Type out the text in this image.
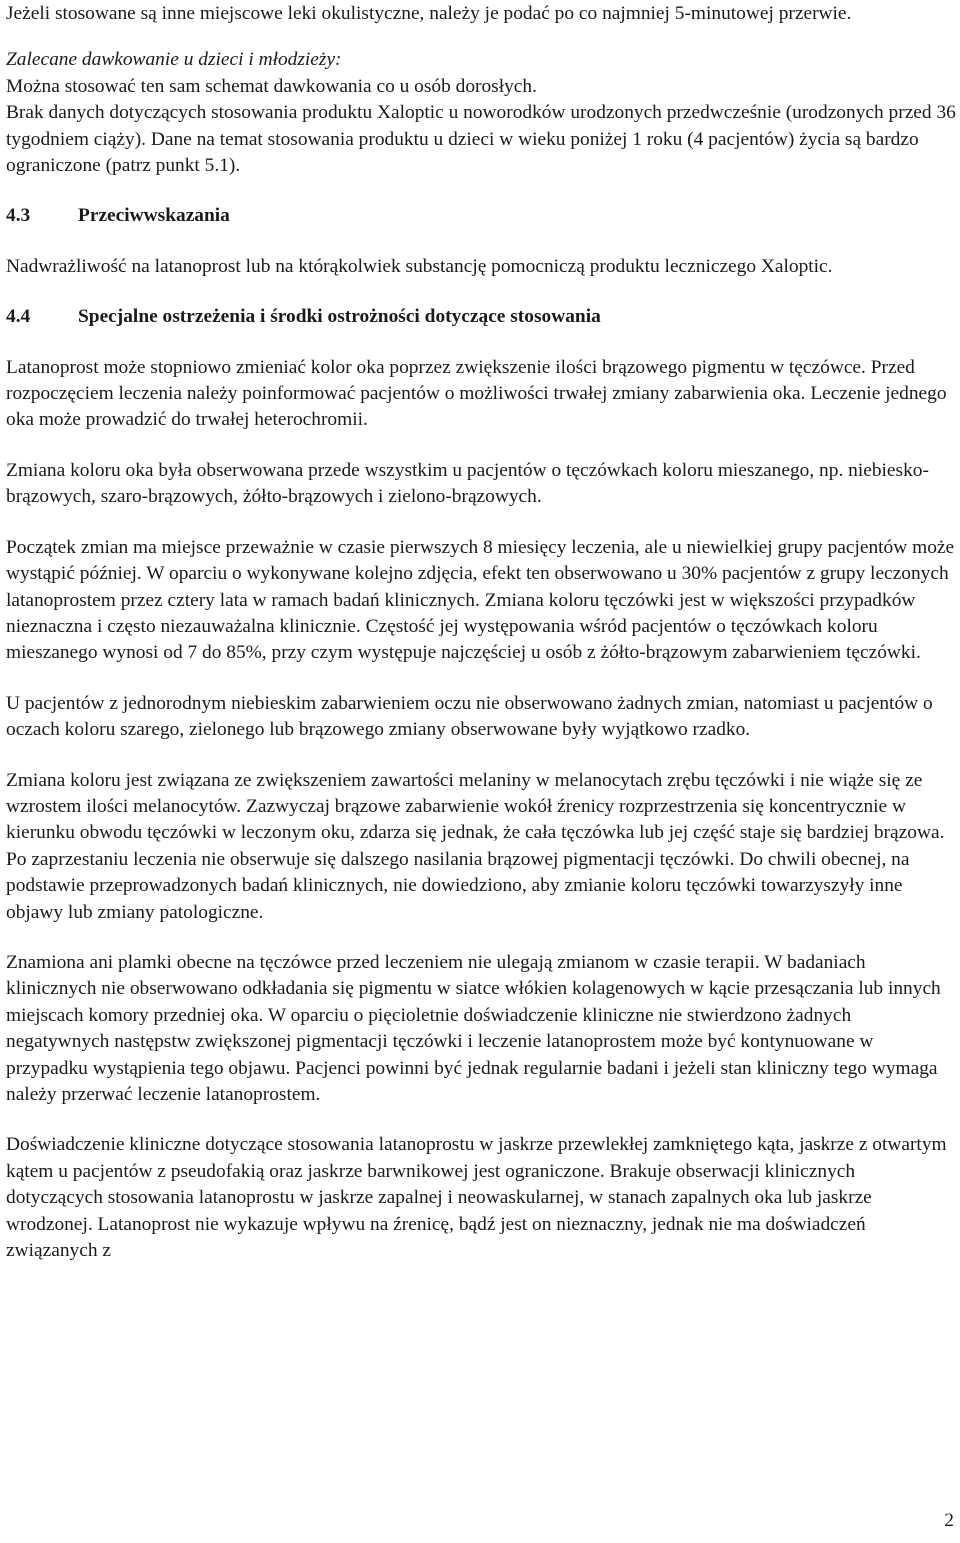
Jeżeli stosowane są inne miejscowe leki okulistyczne, należy je podać po co najmniej 5-minutowej przerwie.

Zalecane dawkowanie u dzieci i młodzieży:

Można stosować ten sam schemat dawkowania co u osób dorosłych.

Brak danych dotyczących stosowania produktu Xaloptic u noworodków urodzonych przedwcześnie (urodzonych przed 36 tygodniem ciąży). Dane na temat stosowania produktu u dzieci w wieku poniżej 1 roku (4 pacjentów) życia są bardzo ograniczone (patrz punkt 5.1).

4.3	Przeciwwskazania

Nadwrażliwość na latanoprost lub na którąkolwiek substancję pomocniczą produktu leczniczego Xaloptic.

4.4	Specjalne ostrzeżenia i środki ostrożności dotyczące stosowania

Latanoprost może stopniowo zmieniać kolor oka poprzez zwiększenie ilości brązowego pigmentu w tęczówce. Przed rozpoczęciem leczenia należy poinformować pacjentów o możliwości trwałej zmiany zabarwienia oka. Leczenie jednego oka może prowadzić do trwałej heterochromii.

Zmiana koloru oka była obserwowana przede wszystkim u pacjentów o tęczówkach koloru mieszanego, np. niebiesko-brązowych, szaro-brązowych, żółto-brązowych i zielono-brązowych.

Początek zmian ma miejsce przeważnie w czasie pierwszych 8 miesięcy leczenia, ale u niewielkiej grupy pacjentów może wystąpić później. W oparciu o wykonywane kolejno zdjęcia, efekt ten obserwowano u 30% pacjentów z grupy leczonych latanoprostem przez cztery lata w ramach badań klinicznych. Zmiana koloru tęczówki jest w większości przypadków nieznaczna i często niezauważalna klinicznie. Częstość jej występowania wśród pacjentów o tęczówkach koloru mieszanego wynosi od 7 do 85%, przy czym występuje najczęściej u osób z żółto-brązowym zabarwieniem tęczówki.

U pacjentów z jednorodnym niebieskim zabarwieniem oczu nie obserwowano żadnych zmian, natomiast u pacjentów o oczach koloru szarego, zielonego lub brązowego zmiany obserwowane były wyjątkowo rzadko.

Zmiana koloru jest związana ze zwiększeniem zawartości melaniny w melanocytach zrębu tęczówki i nie wiąże się ze wzrostem ilości melanocytów. Zazwyczaj brązowe zabarwienie wokół źrenicy rozprzestrzenia się koncentrycznie w kierunku obwodu tęczówki w leczonym oku, zdarza się jednak, że cała tęczówka lub jej część staje się bardziej brązowa. Po zaprzestaniu leczenia nie obserwuje się dalszego nasilania brązowej pigmentacji tęczówki. Do chwili obecnej, na podstawie przeprowadzonych badań klinicznych, nie dowiedziono, aby zmianie koloru tęczówki towarzyszyły inne objawy lub zmiany patologiczne.

Znamiona ani plamki obecne na tęczówce przed leczeniem nie ulegają zmianom w czasie terapii. W badaniach klinicznych nie obserwowano odkładania się pigmentu w siatce włókien kolagenowych w kącie przesączania lub innych miejscach komory przedniej oka. W oparciu o pięcioletnie doświadczenie kliniczne nie stwierdzono żadnych negatywnych następstw zwiększonej pigmentacji tęczówki i leczenie latanoprostem może być kontynuowane w przypadku wystąpienia tego objawu. Pacjenci powinni być jednak regularnie badani i jeżeli stan kliniczny tego wymaga należy przerwać leczenie latanoprostem.

Doświadczenie kliniczne dotyczące stosowania latanoprostu w jaskrze przewlekłej zamkniętego kąta, jaskrze z otwartym kątem u pacjentów z pseudofakią oraz jaskrze barwnikowej jest ograniczone. Brakuje obserwacji klinicznych dotyczących stosowania latanoprostu w jaskrze zapalnej i neowaskularnej, w stanach zapalnych oka lub jaskrze wrodzonej. Latanoprost nie wykazuje wpływu na źrenicę, bądź jest on nieznaczny, jednak nie ma doświadczeń związanych z

2
